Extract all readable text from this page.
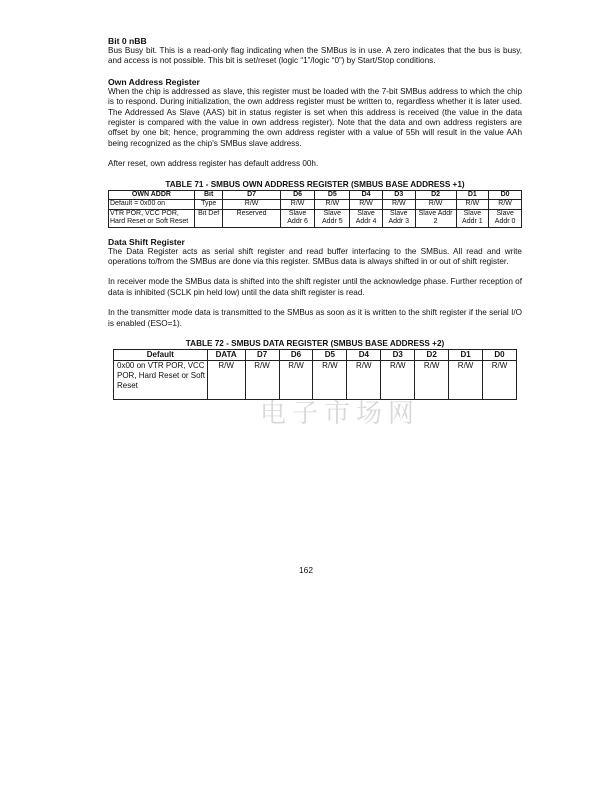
电子市场网
Bit 0 nBB

Bus Busy bit. This is a read-only flag indicating when the SMBus is in use. A zero indicates that the bus is busy, and access is not possible. This bit is set/reset (logic “1”/logic “0”) by Start/Stop conditions.

Own Address Register

When the chip is addressed as slave, this register must be loaded with the 7-bit SMBus address to which the chip is to respond. During initialization, the own address register must be written to, regardless whether it is later used. The Addressed As Slave (AAS) bit in status register is set when this address is received (the value in the data register is compared with the value in own address register). Note that the data and own address registers are offset by one bit; hence, programming the own address register with a value of 55h will result in the value AAh being recognized as the chip's SMBus slave address.

After reset, own address register has default address 00h.

TABLE 71 - SMBUS OWN ADDRESS REGISTER (SMBUS BASE ADDRESS +1)
OWN ADDR	Bit	D7	D6	D5	D4	D3	D2	D1	D0
Default = 0x00 on	Type	R/W	R/W	R/W	R/W	R/W	R/W	R/W	R/W
VTR POR, VCC POR, Hard Reset or Soft Reset	Bit Def	Reserved	Slave Addr 6	Slave Addr 5	Slave Addr 4	Slave Addr 3	Slave Addr 2	Slave Addr 1	Slave Addr 0
Data Shift Register

The Data Register acts as serial shift register and read buffer interfacing to the SMBus. All read and write operations to/from the SMBus are done via this register. SMBus data is always shifted in or out of shift register.

In receiver mode the SMBus data is shifted into the shift register until the acknowledge phase. Further reception of data is inhibited (SCLK pin held low) until the data shift register is read.

In the transmitter mode data is transmitted to the SMBus as soon as it is written to the shift register if the serial I/O is enabled (ESO=1).

TABLE 72 - SMBUS DATA REGISTER (SMBUS BASE ADDRESS +2)
Default	DATA	D7	D6	D5	D4	D3	D2	D1	D0
0x00 on VTR POR, VCC POR, Hard Reset or Soft Reset	R/W	R/W	R/W	R/W	R/W	R/W	R/W	R/W	R/W
162
